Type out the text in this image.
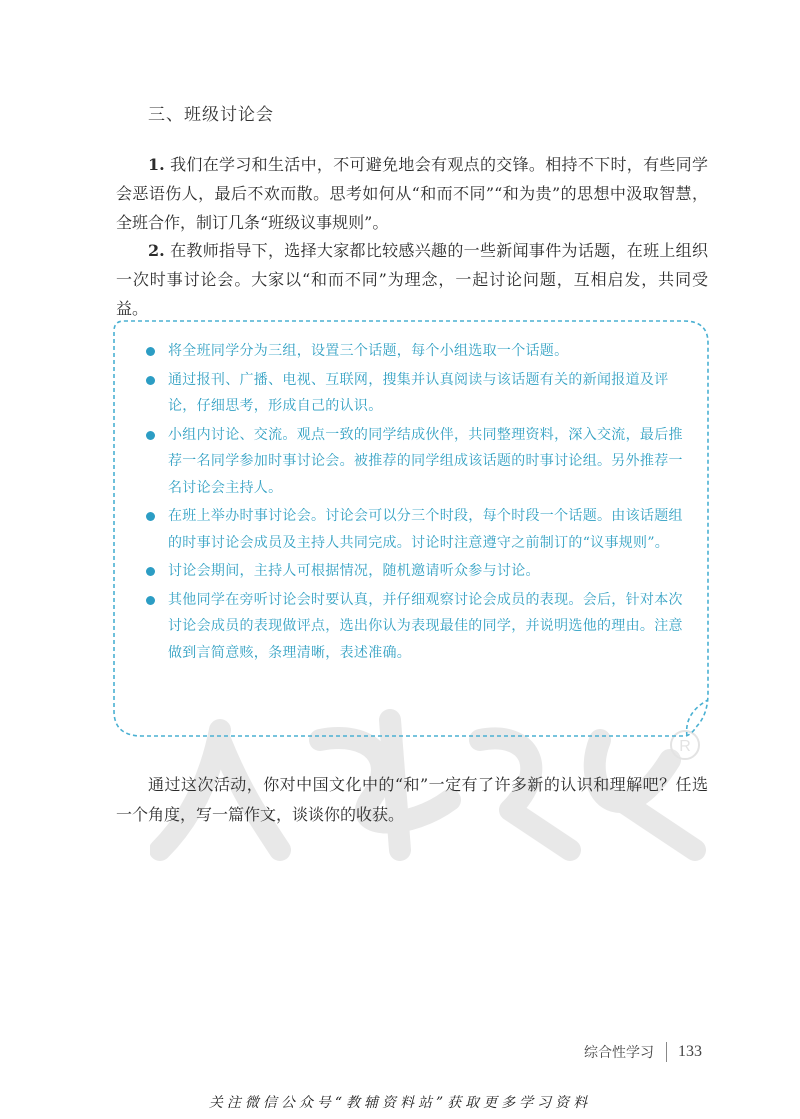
R
三、班级讨论会
1. 我们在学习和生活中，不可避免地会有观点的交锋。相持不下时，有些同学会恶语伤人，最后不欢而散。思考如何从“和而不同”“和为贵”的思想中汲取智慧，全班合作，制订几条“班级议事规则”。
2. 在教师指导下，选择大家都比较感兴趣的一些新闻事件为话题，在班上组织一次时事讨论会。大家以“和而不同”为理念，一起讨论问题，互相启发，共同受益。
将全班同学分为三组，设置三个话题，每个小组选取一个话题。
通过报刊、广播、电视、互联网，搜集并认真阅读与该话题有关的新闻报道及评论，仔细思考，形成自己的认识。
小组内讨论、交流。观点一致的同学结成伙伴，共同整理资料，深入交流，最后推荐一名同学参加时事讨论会。被推荐的同学组成该话题的时事讨论组。另外推荐一名讨论会主持人。
在班上举办时事讨论会。讨论会可以分三个时段，每个时段一个话题。由该话题组的时事讨论会成员及主持人共同完成。讨论时注意遵守之前制订的“议事规则”。
讨论会期间，主持人可根据情况，随机邀请听众参与讨论。
其他同学在旁听讨论会时要认真，并仔细观察讨论会成员的表现。会后，针对本次讨论会成员的表现做评点，选出你认为表现最佳的同学，并说明选他的理由。注意做到言简意赅，条理清晰，表述准确。
通过这次活动，你对中国文化中的“和”一定有了许多新的认识和理解吧？任选一个角度，写一篇作文，谈谈你的收获。
综合性学习 133
关注微信公众号“教辅资料站”获取更多学习资料
